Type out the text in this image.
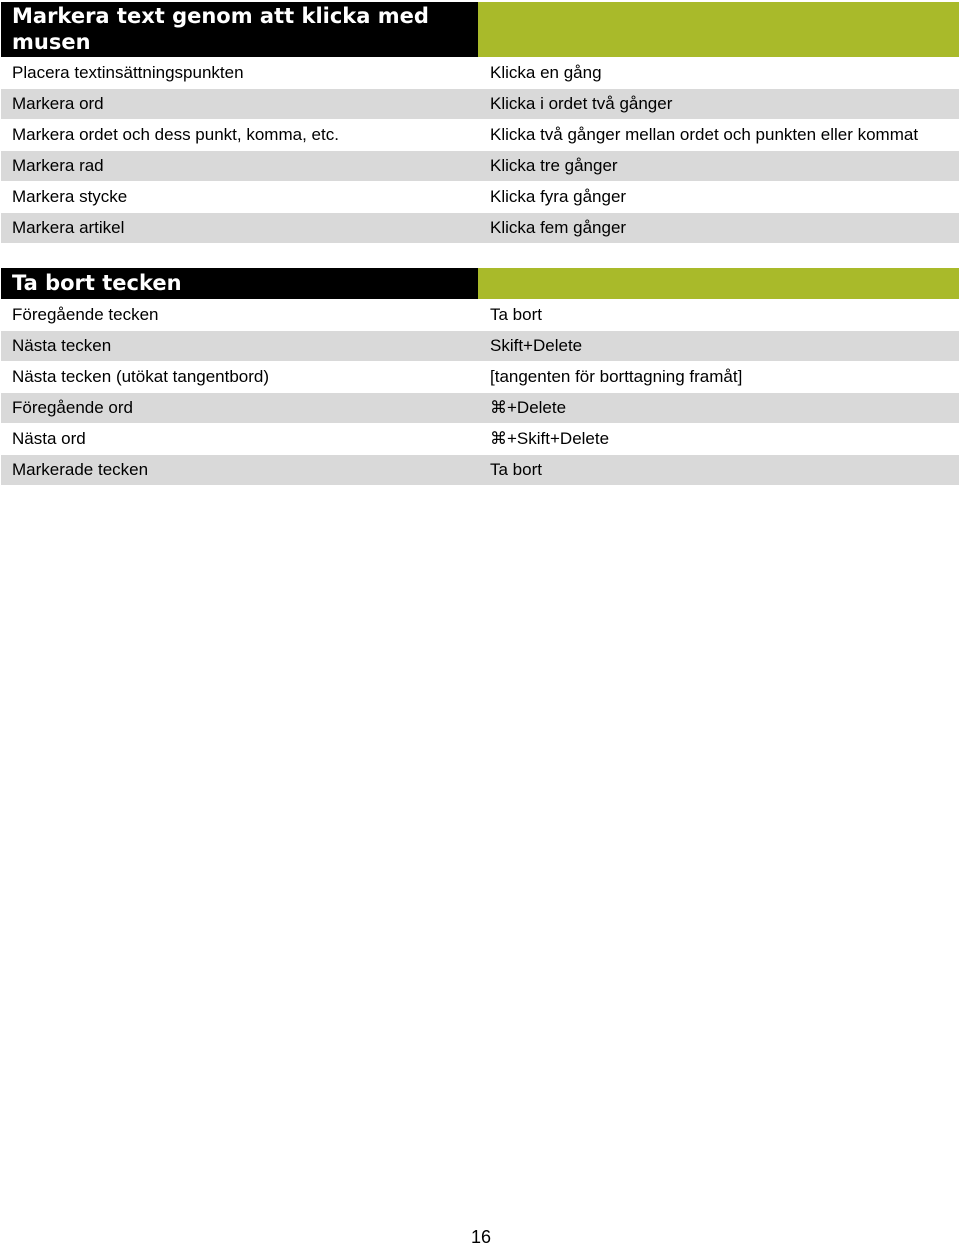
Markera text genom att klicka med musen
Placera textinsättningspunkten	Klicka en gång
Markera ord	Klicka i ordet två gånger
Markera ordet och dess punkt, komma, etc.	Klicka två gånger mellan ordet och punkten eller kommat
Markera rad	Klicka tre gånger
Markera stycke	Klicka fyra gånger
Markera artikel	Klicka fem gånger
Ta bort tecken
Föregående tecken	Ta bort
Nästa tecken	Skift+Delete
Nästa tecken (utökat tangentbord)	[tangenten för borttagning framåt]
Föregående ord	⌘+Delete
Nästa ord	⌘+Skift+Delete
Markerade tecken	Ta bort
16
